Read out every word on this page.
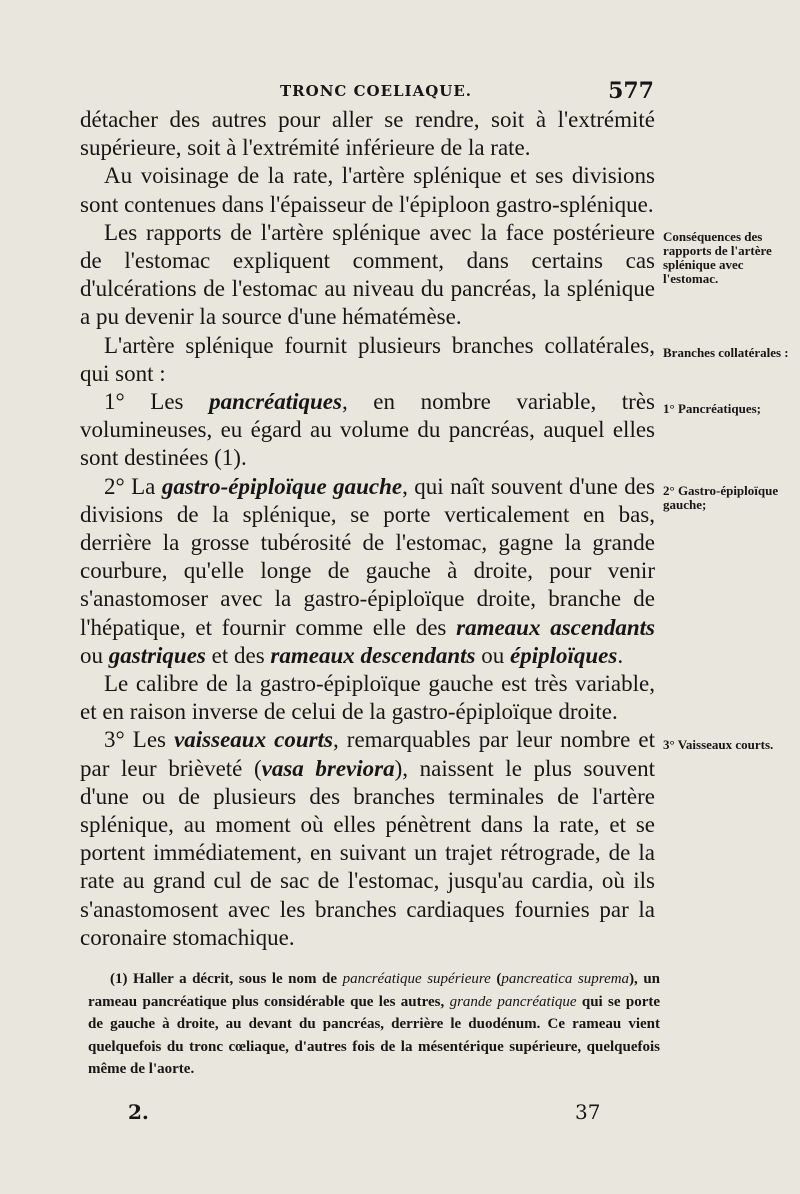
TRONC COELIAQUE.	577

détacher des autres pour aller se rendre, soit à l'extrémité supérieure, soit à l'extrémité inférieure de la rate.

Au voisinage de la rate, l'artère splénique et ses divisions sont contenues dans l'épaisseur de l'épiploon gastro-splénique.

Les rapports de l'artère splénique avec la face postérieure de l'estomac expliquent comment, dans certains cas d'ulcérations de l'estomac au niveau du pancréas, la splénique a pu devenir la source d'une hématémèse.

L'artère splénique fournit plusieurs branches collatérales, qui sont :

1° Les pancréatiques, en nombre variable, très volumineuses, eu égard au volume du pancréas, auquel elles sont destinées (1).

2° La gastro-épiploïque gauche, qui naît souvent d'une des divisions de la splénique, se porte verticalement en bas, derrière la grosse tubérosité de l'estomac, gagne la grande courbure, qu'elle longe de gauche à droite, pour venir s'anastomoser avec la gastro-épiploïque droite, branche de l'hépatique, et fournir comme elle des rameaux ascendants ou gastriques et des rameaux descendants ou épiploïques.

Le calibre de la gastro-épiploïque gauche est très variable, et en raison inverse de celui de la gastro-épiploïque droite.

3° Les vaisseaux courts, remarquables par leur nombre et par leur brièveté (vasa breviora), naissent le plus souvent d'une ou de plusieurs des branches terminales de l'artère splénique, au moment où elles pénètrent dans la rate, et se portent immédiatement, en suivant un trajet rétrograde, de la rate au grand cul de sac de l'estomac, jusqu'au cardia, où ils s'anastomosent avec les branches cardiaques fournies par la coronaire stomachique.

Conséquences des rapports de l'artère splénique avec l'estomac.
Branches collatérales :
1° Pancréatiques;
2° Gastro-épiploïque gauche;
3° Vaisseaux courts.

(1) Haller a décrit, sous le nom de pancréatique supérieure (pancreatica suprema), un rameau pancréatique plus considérable que les autres, grande pancréatique qui se porte de gauche à droite, au devant du pancréas, derrière le duodénum. Ce rameau vient quelquefois du tronc cœliaque, d'autres fois de la mésentérique supérieure, quelquefois même de l'aorte.

2.	37
